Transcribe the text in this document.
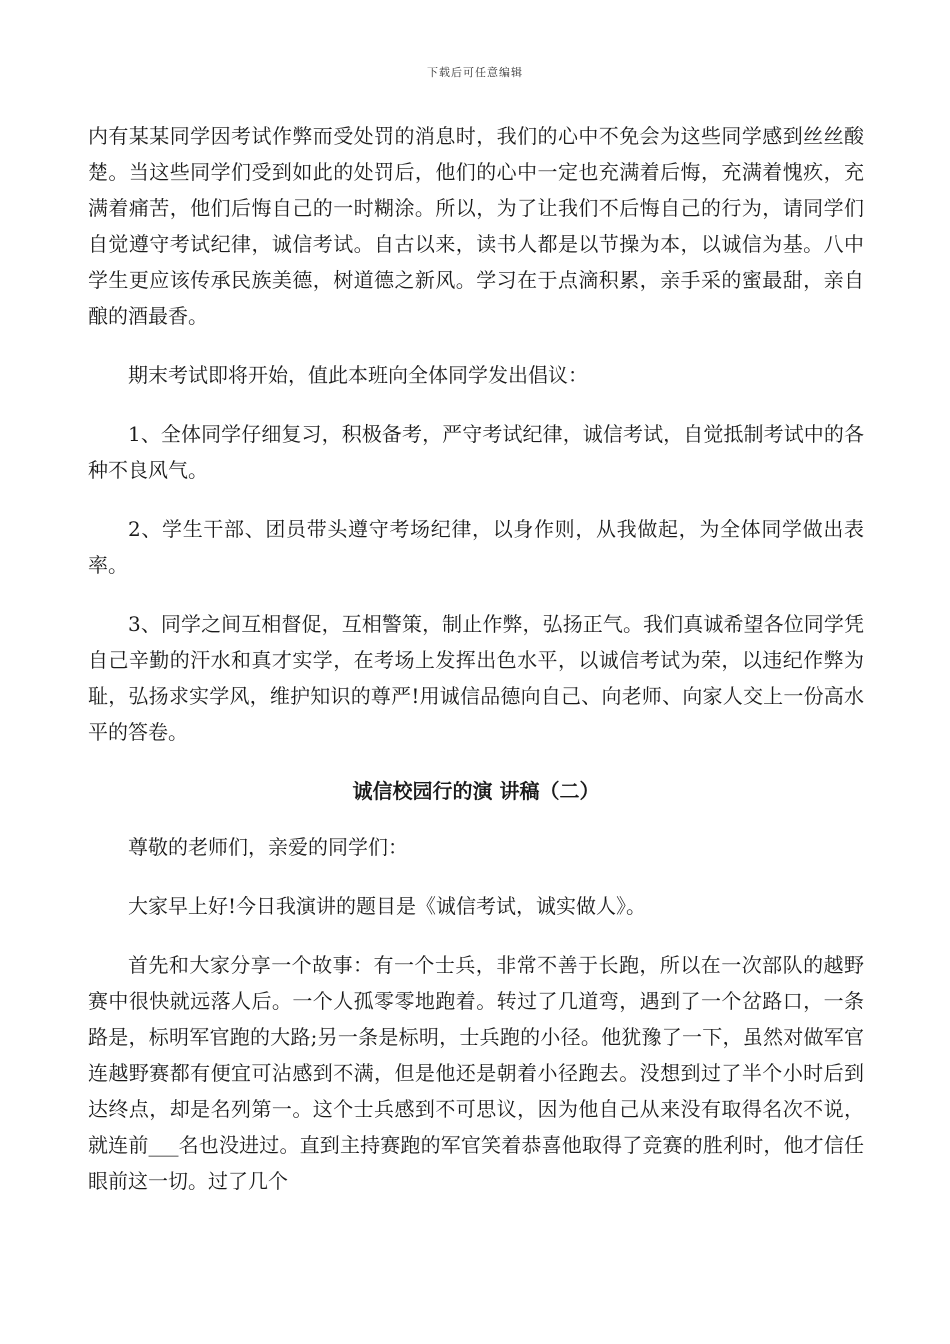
下载后可任意编辑

内有某某同学因考试作弊而受处罚的消息时，我们的心中不免会为这些同学感到丝丝酸楚。当这些同学们受到如此的处罚后，他们的心中一定也充满着后悔，充满着愧疚，充满着痛苦，他们后悔自己的一时糊涂。所以，为了让我们不后悔自己的行为，请同学们自觉遵守考试纪律，诚信考试。自古以来，读书人都是以节操为本，以诚信为基。八中学生更应该传承民族美德，树道德之新风。学习在于点滴积累，亲手采的蜜最甜，亲自酿的酒最香。

期末考试即将开始，值此本班向全体同学发出倡议：

1、全体同学仔细复习，积极备考，严守考试纪律，诚信考试，自觉抵制考试中的各种不良风气。

2、学生干部、团员带头遵守考场纪律，以身作则，从我做起，为全体同学做出表率。

3、同学之间互相督促，互相警策，制止作弊，弘扬正气。我们真诚希望各位同学凭自己辛勤的汗水和真才实学，在考场上发挥出色水平，以诚信考试为荣，以违纪作弊为耻，弘扬求实学风，维护知识的尊严!用诚信品德向自己、向老师、向家人交上一份高水平的答卷。

诚信校园行的演 讲稿（二）

尊敬的老师们，亲爱的同学们：

大家早上好!今日我演讲的题目是《诚信考试，诚实做人》。

首先和大家分享一个故事：有一个士兵，非常不善于长跑，所以在一次部队的越野赛中很快就远落人后。一个人孤零零地跑着。转过了几道弯，遇到了一个岔路口，一条路是，标明军官跑的大路;另一条是标明，士兵跑的小径。他犹豫了一下，虽然对做军官连越野赛都有便宜可沾感到不满，但是他还是朝着小径跑去。没想到过了半个小时后到达终点，却是名列第一。这个士兵感到不可思议，因为他自己从来没有取得名次不说，就连前___名也没进过。直到主持赛跑的军官笑着恭喜他取得了竞赛的胜利时，他才信任眼前这一切。过了几个
